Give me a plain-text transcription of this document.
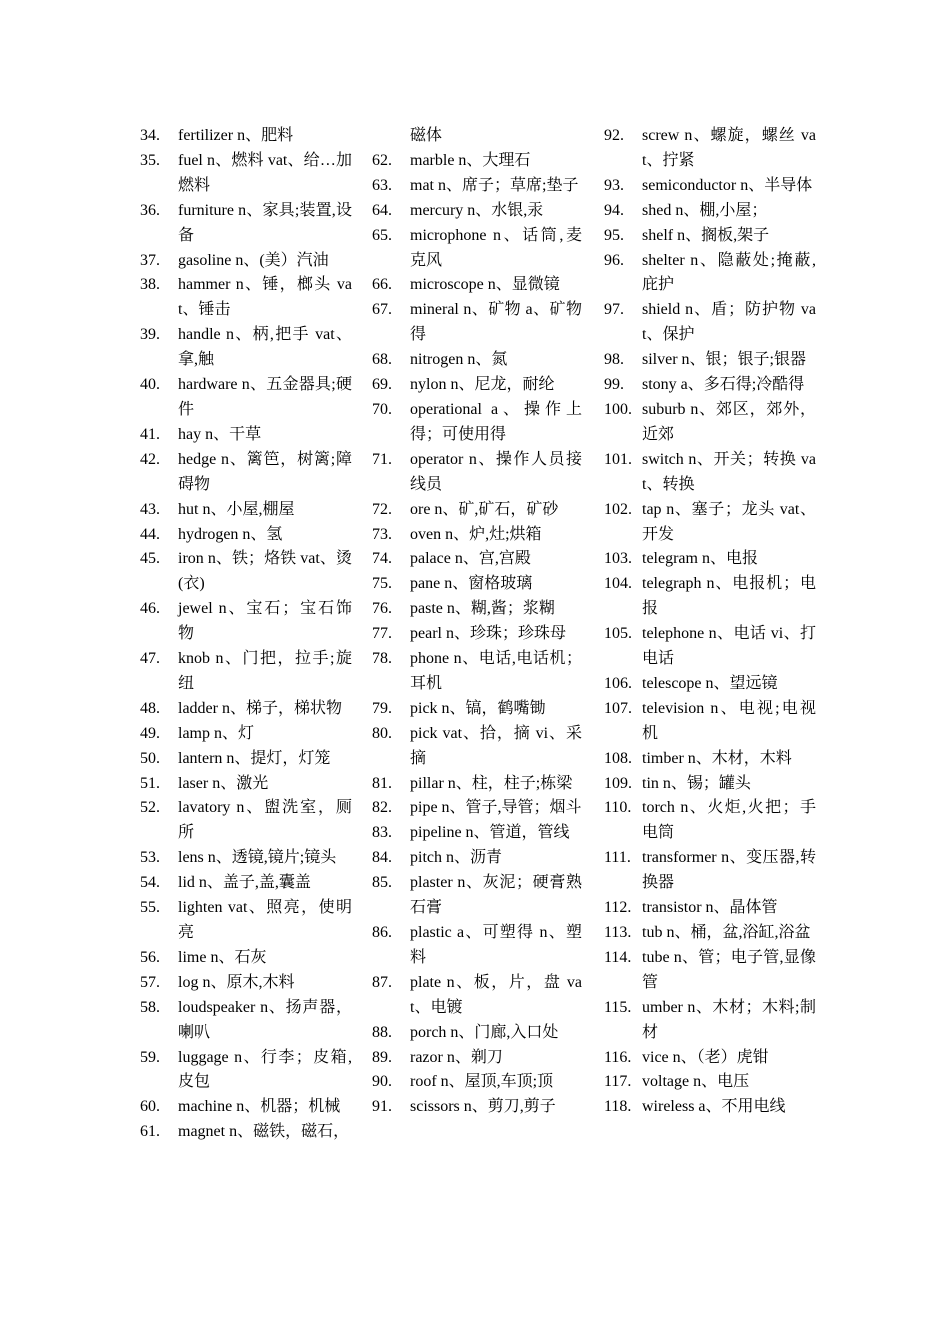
34.	fertilizer n、肥料
35.	fuel n、燃料 vat、给…加燃料
36.	furniture n、家具;装置,设备
37.	gasoline n、(美）汽油
38.	hammer n、锤，榔头 vat、锤击
39.	handle n、柄,把手 vat、拿,触
40.	hardware n、五金器具;硬件
41.	hay n、干草
42.	hedge n、篱笆，树篱;障碍物
43.	hut n、小屋,棚屋
44.	hydrogen n、氢
45.	iron n、铁；烙铁 vat、烫(衣)
46.	jewel n、宝石；宝石饰物
47.	knob n、门把，拉手;旋纽
48.	ladder n、梯子，梯状物
49.	lamp n、灯
50.	lantern n、提灯，灯笼
51.	laser n、激光
52.	lavatory n、盥洗室，厕所
53.	lens n、透镜,镜片;镜头
54.	lid n、盖子,盖,囊盖
55.	lighten vat、照亮，使明亮
56.	lime n、石灰
57.	log n、原木,木料
58.	loudspeaker n、扬声器，喇叭
59.	luggage n、行李；皮箱,皮包
60.	machine n、机器；机械
61.	magnet n、磁铁，磁石，
磁体
62.	marble n、大理石
63.	mat n、席子；草席;垫子
64.	mercury n、水银,汞
65.	microphone n、话筒,麦克风
66.	microscope n、显微镜
67.	mineral n、矿物 a、矿物得
68.	nitrogen n、氮
69.	nylon n、尼龙，耐纶
70.	operational a、操作上得；可使用得
71.	operator n、操作人员接线员
72.	ore n、矿,矿石，矿砂
73.	oven n、炉,灶;烘箱
74.	palace n、宫,宫殿
75.	pane n、窗格玻璃
76.	paste n、糊,酱；浆糊
77.	pearl n、珍珠；珍珠母
78.	phone n、电话,电话机；耳机
79.	pick n、镐，鹤嘴锄
80.	pick vat、拾，摘 vi、采摘
81.	pillar n、柱，柱子;栋梁
82.	pipe n、管子,导管；烟斗
83.	pipeline n、管道，管线
84.	pitch n、沥青
85.	plaster n、灰泥；硬膏熟石膏
86.	plastic a、可塑得 n、塑料
87.	plate n、板，片，盘 vat、电镀
88.	porch n、门廊,入口处
89.	razor n、剃刀
90.	roof n、屋顶,车顶;顶
91.	scissors n、剪刀,剪子
92.	screw n、螺旋，螺丝 vat、拧紧
93.	semiconductor n、半导体
94.	shed n、棚,小屋；
95.	shelf n、搁板,架子
96.	shelter n、隐蔽处;掩蔽,庇护
97.	shield n、盾；防护物 vat、保护
98.	silver n、银；银子;银器
99.	stony a、多石得;冷酷得
100. suburb n、郊区，郊外，近郊
101. switch n、开关；转换 vat、转换
102. tap n、塞子；龙头 vat、开发
103. telegram n、电报
104. telegraph n、电报机；电报
105. telephone n、电话 vi、打电话
106. telescope n、望远镜
107. television n、电视;电视机
108. timber n、木材，木料
109. tin n、锡；罐头
110. torch n、火炬,火把；手电筒
111. transformer n、变压器,转换器
112. transistor n、晶体管
113. tub n、桶，盆,浴缸,浴盆
114. tube n、管；电子管,显像管
115. umber n、木材；木料;制材
116. vice n、（老）虎钳
117. voltage n、电压
118. wireless a、不用电线
